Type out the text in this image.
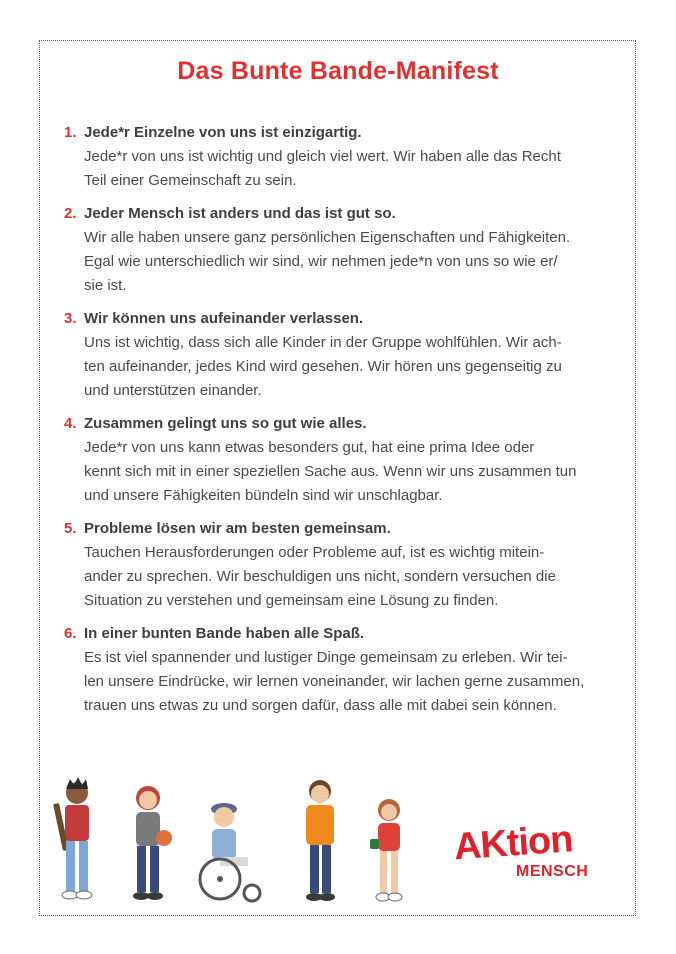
Das Bunte Bande-Manifest
1. Jede*r Einzelne von uns ist einzigartig.
Jede*r von uns ist wichtig und gleich viel wert. Wir haben alle das Recht
Teil einer Gemeinschaft zu sein.
2. Jeder Mensch ist anders und das ist gut so.
Wir alle haben unsere ganz persönlichen Eigenschaften und Fähigkeiten.
Egal wie unterschiedlich wir sind, wir nehmen jede*n von uns so wie er/
sie ist.
3. Wir können uns aufeinander verlassen.
Uns ist wichtig, dass sich alle Kinder in der Gruppe wohlfühlen. Wir ach-
ten aufeinander, jedes Kind wird gesehen. Wir hören uns gegenseitig zu
und unterstützen einander.
4. Zusammen gelingt uns so gut wie alles.
Jede*r von uns kann etwas besonders gut, hat eine prima Idee oder
kennt sich mit in einer speziellen Sache aus. Wenn wir uns zusammen tun
und unsere Fähigkeiten bündeln sind wir unschlagbar.
5. Probleme lösen wir am besten gemeinsam.
Tauchen Herausforderungen oder Probleme auf, ist es wichtig mitein-
ander zu sprechen. Wir beschuldigen uns nicht, sondern versuchen die
Situation zu verstehen und gemeinsam eine Lösung zu finden.
6. In einer bunten Bande haben alle Spaß.
Es ist viel spannender und lustiger Dinge gemeinsam zu erleben. Wir tei-
len unsere Eindrücke, wir lernen voneinander, wir lachen gerne zusammen,
trauen uns etwas zu und sorgen dafür, dass alle mit dabei sein können.
AKtion
MENSCH
